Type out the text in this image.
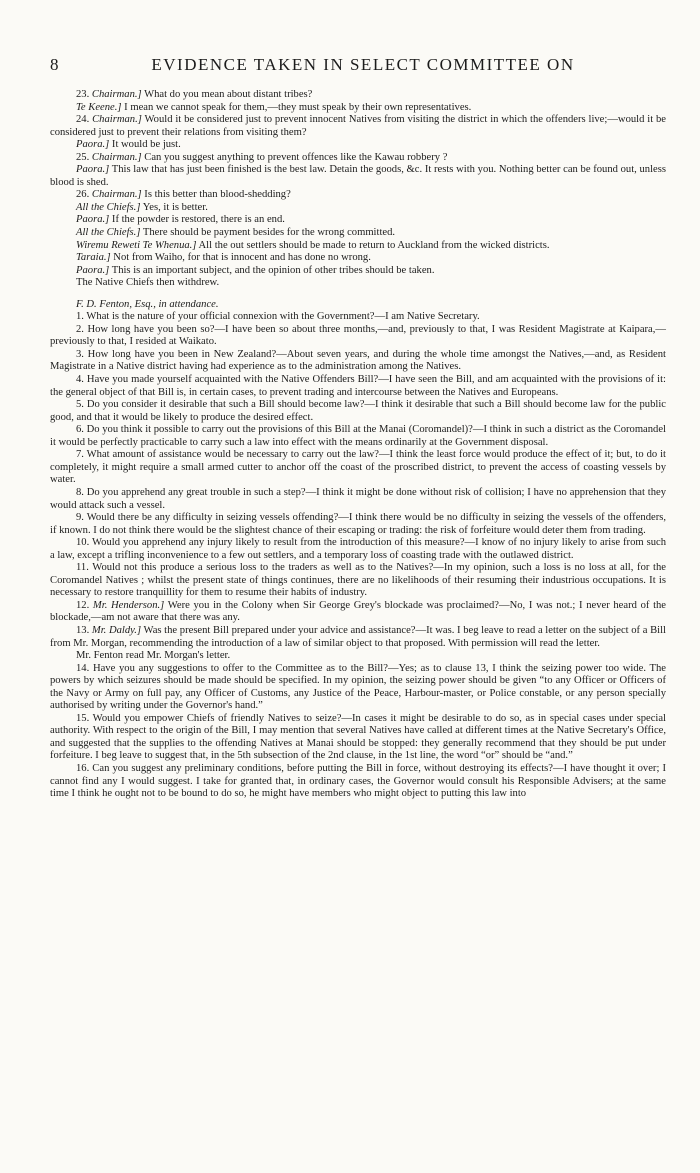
8	EVIDENCE TAKEN IN SELECT COMMITTEE ON

23. Chairman.] What do you mean about distant tribes?

Te Keene.] I mean we cannot speak for them,—they must speak by their own representatives.

24. Chairman.] Would it be considered just to prevent innocent Natives from visiting the district in which the offenders live;—would it be considered just to prevent their relations from visiting them?

Paora.] It would be just.

25. Chairman.] Can you suggest anything to prevent offences like the Kawau robbery ?

Paora.] This law that has just been finished is the best law. Detain the goods, &c. It rests with you. Nothing better can be found out, unless blood is shed.

26. Chairman.] Is this better than blood-shedding?

All the Chiefs.] Yes, it is better.

Paora.] If the powder is restored, there is an end.

All the Chiefs.] There should be payment besides for the wrong committed.

Wiremu Reweti Te Whenua.] All the out settlers should be made to return to Auckland from the wicked districts.

Taraia.] Not from Waiho, for that is innocent and has done no wrong.

Paora.] This is an important subject, and the opinion of other tribes should be taken.

The Native Chiefs then withdrew.

F. D. Fenton, Esq., in attendance.

1. What is the nature of your official connexion with the Government?—I am Native Secretary.

2. How long have you been so?—I have been so about three months,—and, previously to that, I was Resident Magistrate at Kaipara,—previously to that, I resided at Waikato.

3. How long have you been in New Zealand?—About seven years, and during the whole time amongst the Natives,—and, as Resident Magistrate in a Native district having had experience as to the administration among the Natives.

4. Have you made yourself acquainted with the Native Offenders Bill?—I have seen the Bill, and am acquainted with the provisions of it: the general object of that Bill is, in certain cases, to prevent trading and intercourse between the Natives and Europeans.

5. Do you consider it desirable that such a Bill should become law?—I think it desirable that such a Bill should become law for the public good, and that it would be likely to produce the desired effect.

6. Do you think it possible to carry out the provisions of this Bill at the Manai (Coromandel)?—I think in such a district as the Coromandel it would be perfectly practicable to carry such a law into effect with the means ordinarily at the Government disposal.

7. What amount of assistance would be necessary to carry out the law?—I think the least force would produce the effect of it; but, to do it completely, it might require a small armed cutter to anchor off the coast of the proscribed district, to prevent the access of coasting vessels by water.

8. Do you apprehend any great trouble in such a step?—I think it might be done without risk of collision; I have no apprehension that they would attack such a vessel.

9. Would there be any difficulty in seizing vessels offending?—I think there would be no difficulty in seizing the vessels of the offenders, if known. I do not think there would be the slightest chance of their escaping or trading: the risk of forfeiture would deter them from trading.

10. Would you apprehend any injury likely to result from the introduction of this measure?—I know of no injury likely to arise from such a law, except a trifling inconvenience to a few out settlers, and a temporary loss of coasting trade with the outlawed district.

11. Would not this produce a serious loss to the traders as well as to the Natives?—In my opinion, such a loss is no loss at all, for the Coromandel Natives ; whilst the present state of things continues, there are no likelihoods of their resuming their industrious occupations. It is necessary to restore tranquillity for them to resume their habits of industry.

12. Mr. Henderson.] Were you in the Colony when Sir George Grey's blockade was proclaimed?—No, I was not.; I never heard of the blockade,—am not aware that there was any.

13. Mr. Daldy.] Was the present Bill prepared under your advice and assistance?—It was. I beg leave to read a letter on the subject of a Bill from Mr. Morgan, recommending the introduction of a law of similar object to that proposed. With permission will read the letter.

Mr. Fenton read Mr. Morgan's letter.

14. Have you any suggestions to offer to the Committee as to the Bill?—Yes; as to clause 13, I think the seizing power too wide. The powers by which seizures should be made should be specified. In my opinion, the seizing power should be given “to any Officer or Officers of the Navy or Army on full pay, any Officer of Customs, any Justice of the Peace, Harbour-master, or Police constable, or any person specially authorised by writing under the Governor's hand.”

15. Would you empower Chiefs of friendly Natives to seize?—In cases it might be desirable to do so, as in special cases under special authority. With respect to the origin of the Bill, I may mention that several Natives have called at different times at the Native Secretary's Office, and suggested that the supplies to the offending Natives at Manai should be stopped: they generally recommend that they should be put under forfeiture. I beg leave to suggest that, in the 5th subsection of the 2nd clause, in the 1st line, the word “or” should be “and.”

16. Can you suggest any preliminary conditions, before putting the Bill in force, without destroying its effects?—I have thought it over; I cannot find any I would suggest. I take for granted that, in ordinary cases, the Governor would consult his Responsible Advisers; at the same time I think he ought not to be bound to do so, he might have members who might object to putting this law into
